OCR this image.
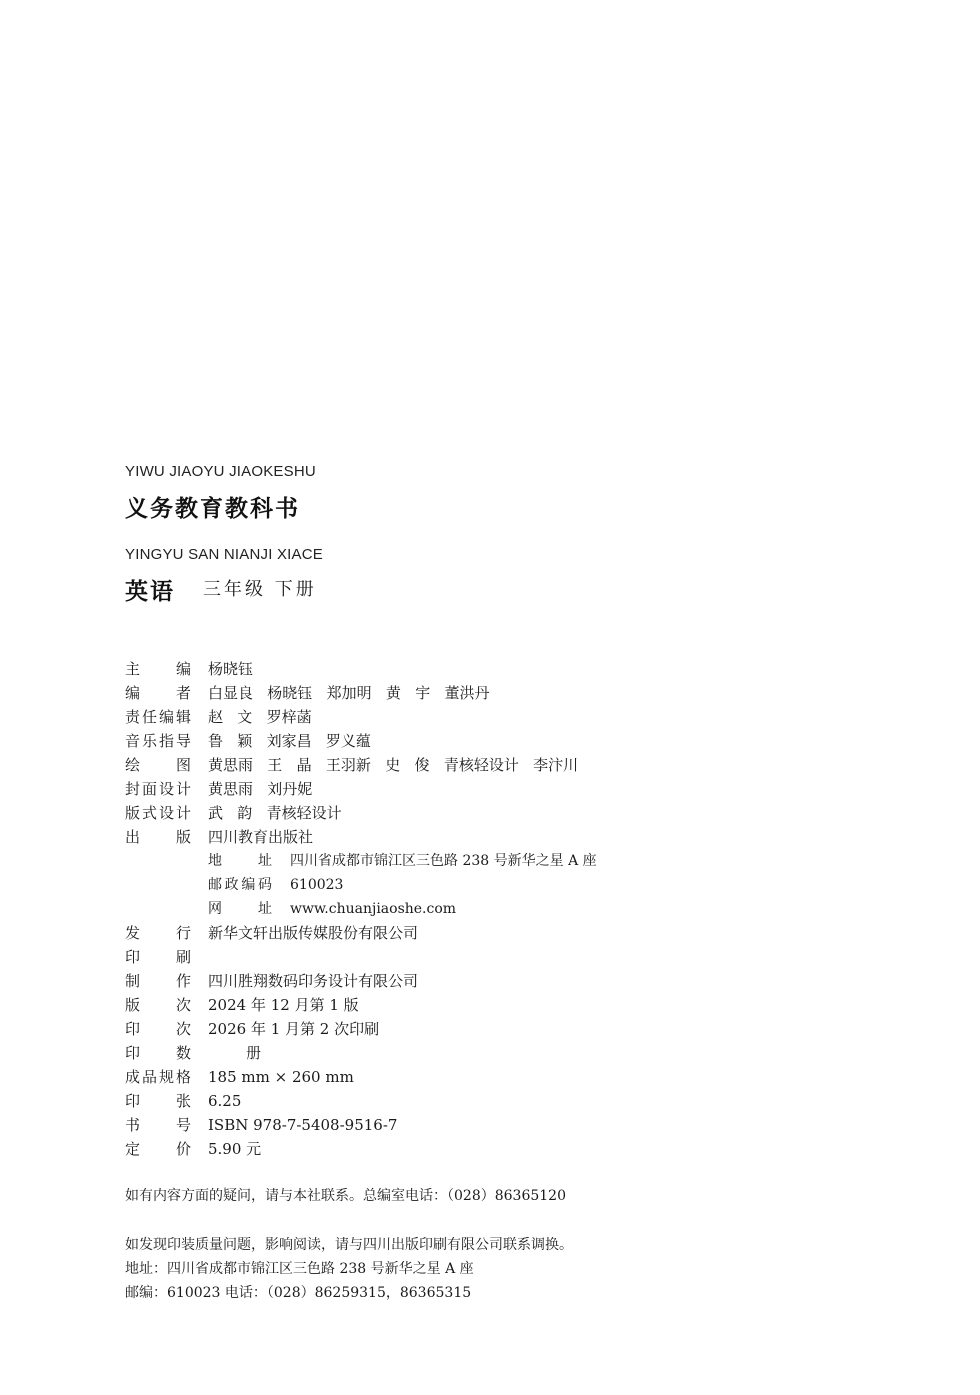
YIWU JIAOYU JIAOKESHU
义务教育教科书
YINGYU SAN NIANJI XIACE
英语 三年级 下册
主 编 杨晓钰
编 者 白显良   杨晓钰   郑加明   黄   宇   董洪丹
责 任 编 辑 赵   文   罗梓菡
音 乐 指 导 鲁   颖   刘家昌   罗义蕴
绘 图 黄思雨   王   晶   王羽新   史   俊   青核轻设计   李汴川
封 面 设 计 黄思雨   刘丹妮
版 式 设 计 武   韵   青核轻设计
出 版 四川教育出版社
地	址 四川省成都市锦江区三色路 238 号新华之星 A 座
邮 政 编 码 610023
网	址 www.chuanjiaoshe.com
发 行 新华文轩出版传媒股份有限公司
印 刷
制 作 四川胜翔数码印务设计有限公司
版 次 2024 年 12 月第 1 版
印 次 2026 年 1 月第 2 次印刷
印 数 册
成 品 规 格 185 mm × 260 mm
印 张 6.25
书 号 ISBN 978-7-5408-9516-7
定 价 5.90 元
如有内容方面的疑问，请与本社联系。总编室电话：（028）86365120
如发现印装质量问题，影响阅读，请与四川出版印刷有限公司联系调换。
地址：四川省成都市锦江区三色路 238 号新华之星 A 座
邮编：610023 电话：（028）86259315，86365315
